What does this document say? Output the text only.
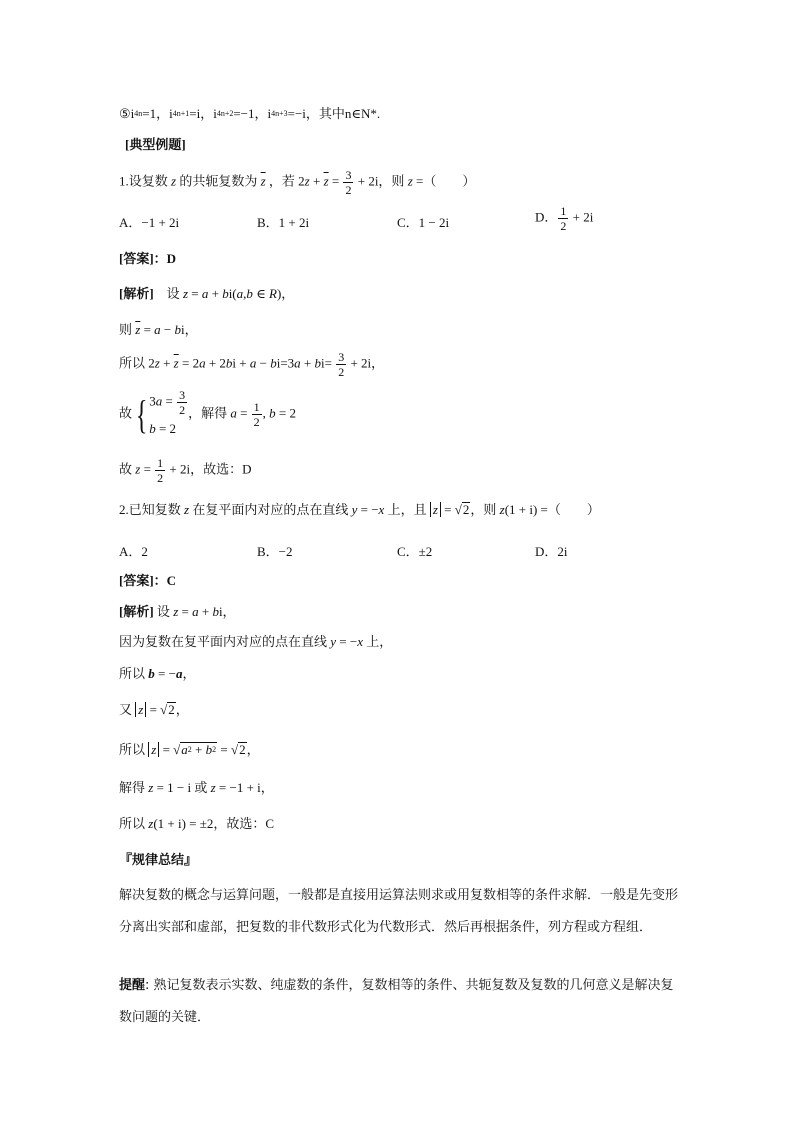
$⑤i^{4n}=1$，$i^{4n+1}=i$，$i^{4n+2}=-1$，$i^{4n+3}=-i$，其中n∈N*.
[典型例题]
1.设复数 z 的共轭复数为 $\overline{z}$ ，若 $2z + \overline{z} = \frac{3}{2} + 2i$，则 z =（　　）
A．−1 + 2i	B．1 + 2i	C．1 − 2i	D． $\frac{1}{2} + 2i$
[答案]：D
[解析]    设 z = a + bi(a,b ∈ R)，
则 $\overline{z} = a$ − bi，
所以 $2z + \overline{z} = 2a + 2bi + a - bi=3a + bi= \frac{3}{2} + 2i$，
故{ $3a = \frac{3}{2}$
b = 2
，解得 $a = \frac{1}{2}$ , b = 2
故 $z = \frac{1}{2} + 2i$，故选：D
2.已知复数 z 在复平面内对应的点在直线 y = −x 上，且 z = √2，则 z(1 + i) =（　　）
A．2	B．−2	C．±2	D．2i
[答案]：C
[解析] 设 z = a + bi，
因为复数在复平面内对应的点在直线 y = −x 上，
所以 b = −a，
又 z = √2，
所以 $z = √a^2 + b^2 = √2$，
解得 z = 1 − i 或 z = −1 + i，
所以 z(1 + i) = ±2，故选：C
『规律总结』
解决复数的概念与运算问题，一般都是直接用运算法则求或用复数相等的条件求解．一般是先变形分离出实部和虚部，把复数的非代数形式化为代数形式．然后再根据条件，列方程或方程组．
提醒: 熟记复数表示实数、纯虚数的条件，复数相等的条件、共轭复数及复数的几何意义是解决复数问题的关键．
